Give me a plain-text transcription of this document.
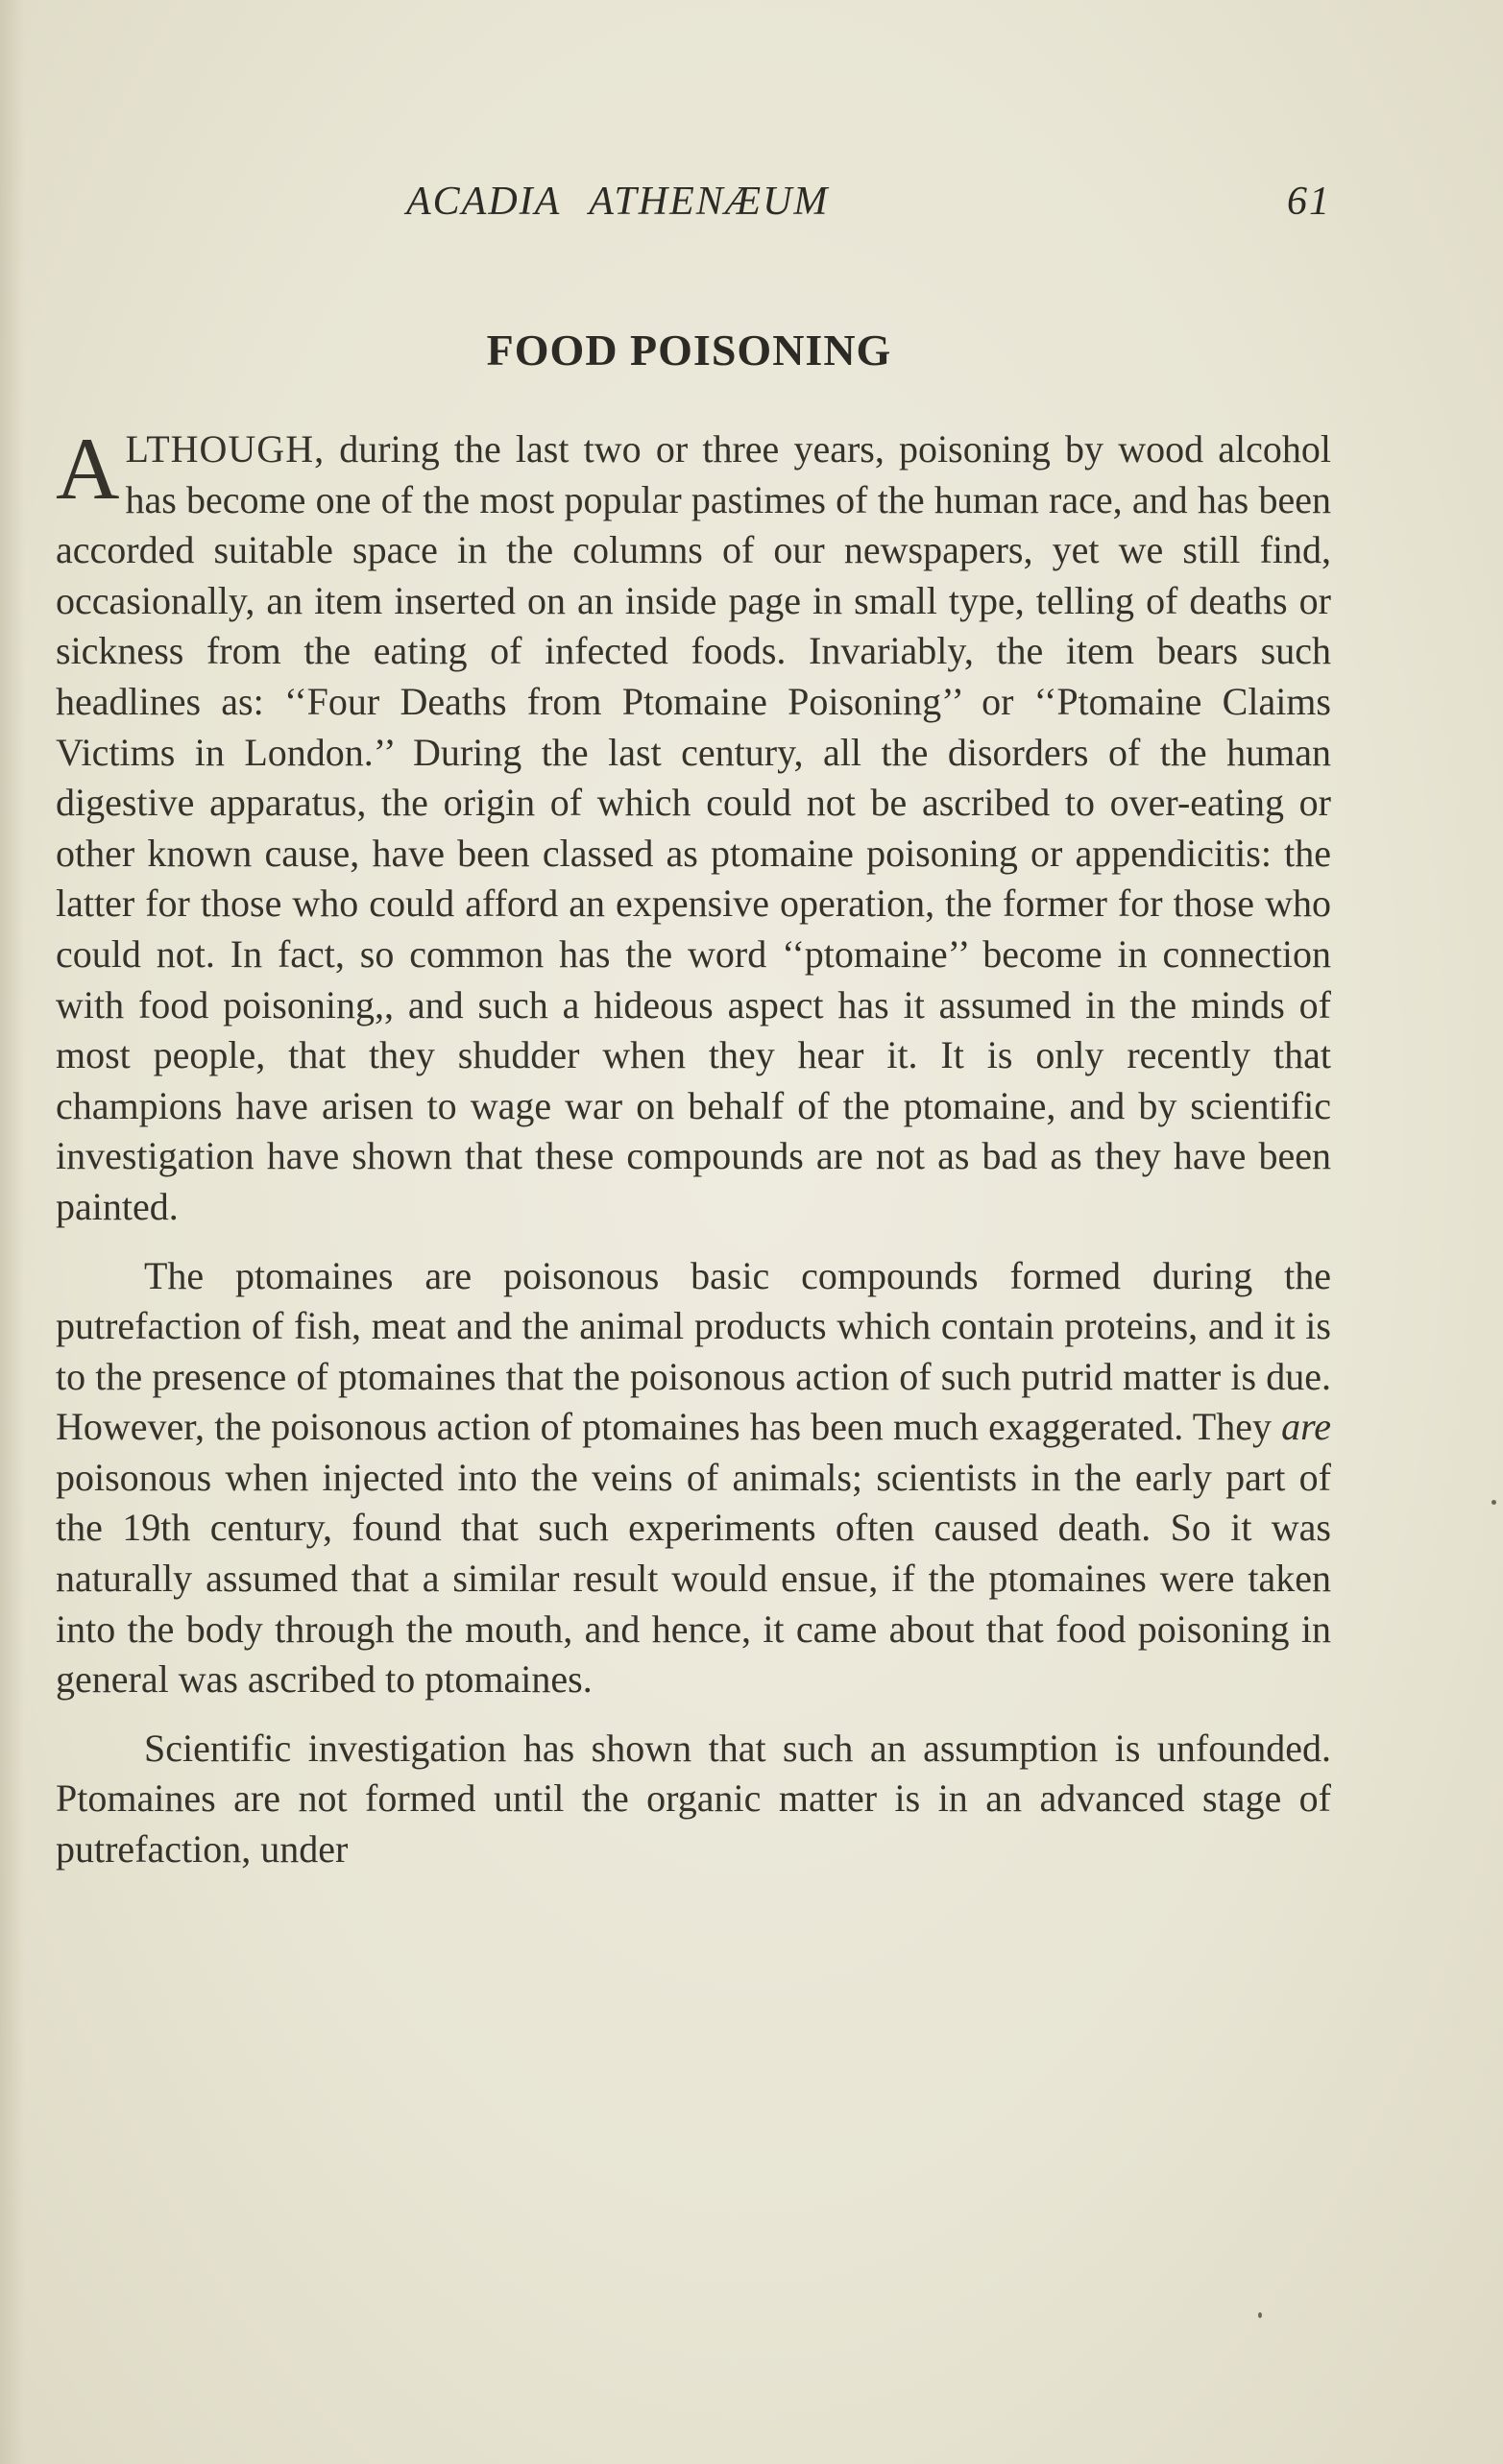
ACADIA ATHENÆUM	61
FOOD POISONING

ALTHOUGH, during the last two or three years, poisoning by wood alcohol has become one of the most popular pastimes of the human race, and has been accorded suitable space in the columns of our newspapers, yet we still find, occasionally, an item inserted on an inside page in small type, telling of deaths or sickness from the eating of infected foods. Invariably, the item bears such headlines as: ‘‘Four Deaths from Ptomaine Poisoning’’ or ‘‘Ptomaine Claims Victims in London.’’ During the last century, all the disorders of the human digestive apparatus, the origin of which could not be ascribed to over-eating or other known cause, have been classed as ptomaine poisoning or appendicitis: the latter for those who could afford an expensive operation, the former for those who could not. In fact, so common has the word ‘‘ptomaine’’ become in connection with food poisoning,, and such a hideous aspect has it assumed in the minds of most people, that they shudder when they hear it. It is only recently that champions have arisen to wage war on behalf of the ptomaine, and by scientific investigation have shown that these compounds are not as bad as they have been painted.

The ptomaines are poisonous basic compounds formed during the putrefaction of fish, meat and the animal products which contain proteins, and it is to the presence of ptomaines that the poisonous action of such putrid matter is due. However, the poisonous action of ptomaines has been much exaggerated. They are poisonous when injected into the veins of animals; scientists in the early part of the 19th century, found that such experiments often caused death. So it was naturally assumed that a similar result would ensue, if the ptomaines were taken into the body through the mouth, and hence, it came about that food poisoning in general was ascribed to ptomaines.

Scientific investigation has shown that such an assumption is unfounded. Ptomaines are not formed until the organic matter is in an advanced stage of putrefaction, under
